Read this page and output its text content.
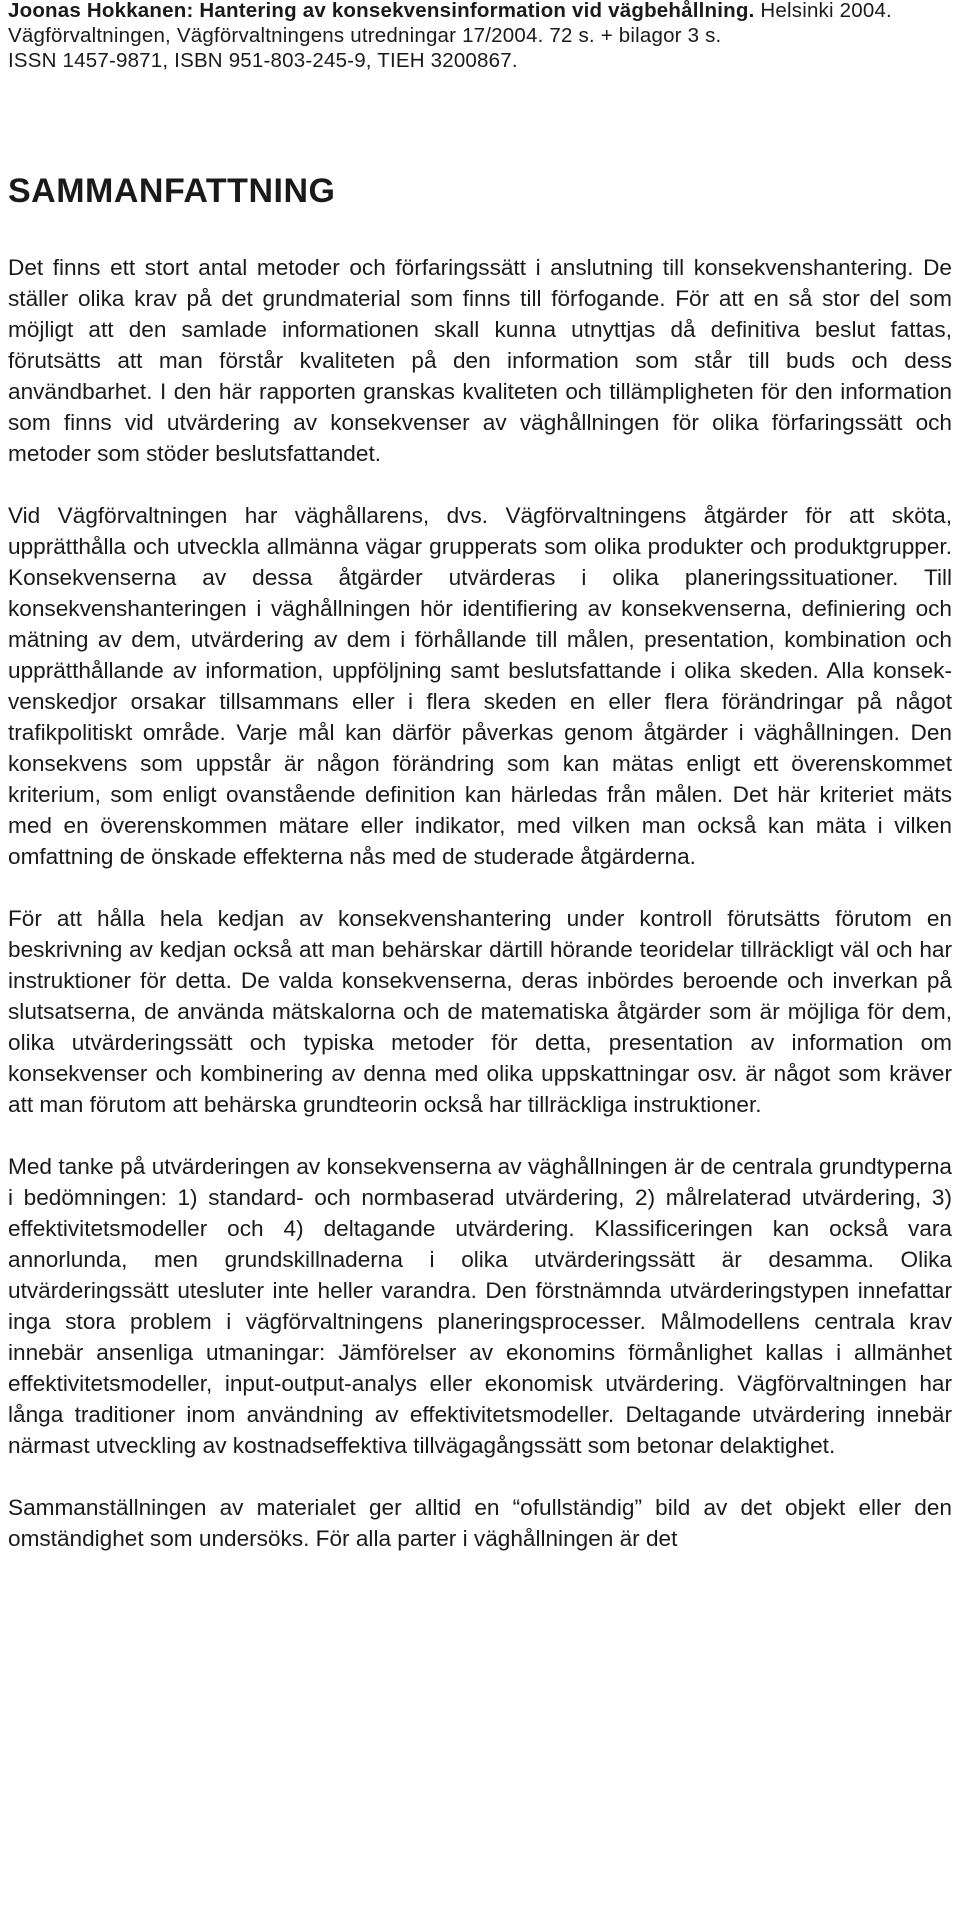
Joonas Hokkanen: Hantering av konsekvensinformation vid vägbehållning. Helsinki 2004.
Vägförvaltningen, Vägförvaltningens utredningar 17/2004. 72 s. + bilagor 3 s.
ISSN 1457-9871, ISBN 951-803-245-9, TIEH 3200867.
SAMMANFATTNING

Det finns ett stort antal metoder och förfaringssätt i anslutning till konsekvenshantering. De ställer olika krav på det grundmaterial som finns till förfogande. För att en så stor del som möjligt att den samlade informationen skall kunna utnyttjas då definitiva beslut fattas, förutsätts att man förstår kvaliteten på den information som står till buds och dess användbarhet. I den här rapporten granskas kvaliteten och tillämpligheten för den information som finns vid utvärdering av konsekvenser av väghållningen för olika förfaringssätt och metoder som stöder beslutsfattandet.

Vid Vägförvaltningen har väghållarens, dvs. Vägförvaltningens åtgärder för att sköta, upprätthålla och utveckla allmänna vägar grupperats som olika produkter och produktgrupper. Konsekvenserna av dessa åtgärder utvärderas i olika planeringssituationer. Till konsekvenshanteringen i väghållningen hör identifiering av konsekvenserna, definiering och mätning av dem, utvärdering av dem i förhållande till målen, presentation, kombination och upprätthållande av information, uppföljning samt beslutsfattande i olika skeden. Alla konsekvenskedjor orsakar tillsammans eller i flera skeden en eller flera förändringar på något trafikpolitiskt område. Varje mål kan därför påverkas genom åtgärder i väghållningen. Den konsekvens som uppstår är någon förändring som kan mätas enligt ett överenskommet kriterium, som enligt ovanstående definition kan härledas från målen. Det här kriteriet mäts med en överenskommen mätare eller indikator, med vilken man också kan mäta i vilken omfattning de önskade effekterna nås med de studerade åtgärderna.

För att hålla hela kedjan av konsekvenshantering under kontroll förutsätts förutom en beskrivning av kedjan också att man behärskar därtill hörande teoridelar tillräckligt väl och har instruktioner för detta. De valda konsekvenserna, deras inbördes beroende och inverkan på slutsatserna, de använda mätskalorna och de matematiska åtgärder som är möjliga för dem, olika utvärderingssätt och typiska metoder för detta, presentation av information om konsekvenser och kombinering av denna med olika uppskattningar osv. är något som kräver att man förutom att behärska grundteorin också har tillräckliga instruktioner.

Med tanke på utvärderingen av konsekvenserna av väghållningen är de centrala grundtyperna i bedömningen: 1) standard- och normbaserad utvärdering, 2) målrelaterad utvärdering, 3) effektivitetsmodeller och 4) deltagande utvärdering. Klassificeringen kan också vara annorlunda, men grundskillnaderna i olika utvärderingssätt är desamma. Olika utvärderingssätt utesluter inte heller varandra. Den förstnämnda utvärderingstypen innefattar inga stora problem i vägförvaltningens planeringsprocesser. Målmodellens centrala krav innebär ansenliga utmaningar: Jämförelser av ekonomins förmånlighet kallas i allmänhet effektivitetsmodeller, input-output-analys eller ekonomisk utvärdering. Vägförvaltningen har långa traditioner inom användning av effektivitetsmodeller. Deltagande utvärdering innebär närmast utveckling av kostnadseffektiva tillvägagångssätt som betonar delaktighet.

Sammanställningen av materialet ger alltid en “ofullständig” bild av det objekt eller den omständighet som undersöks. För alla parter i väghållningen är det
